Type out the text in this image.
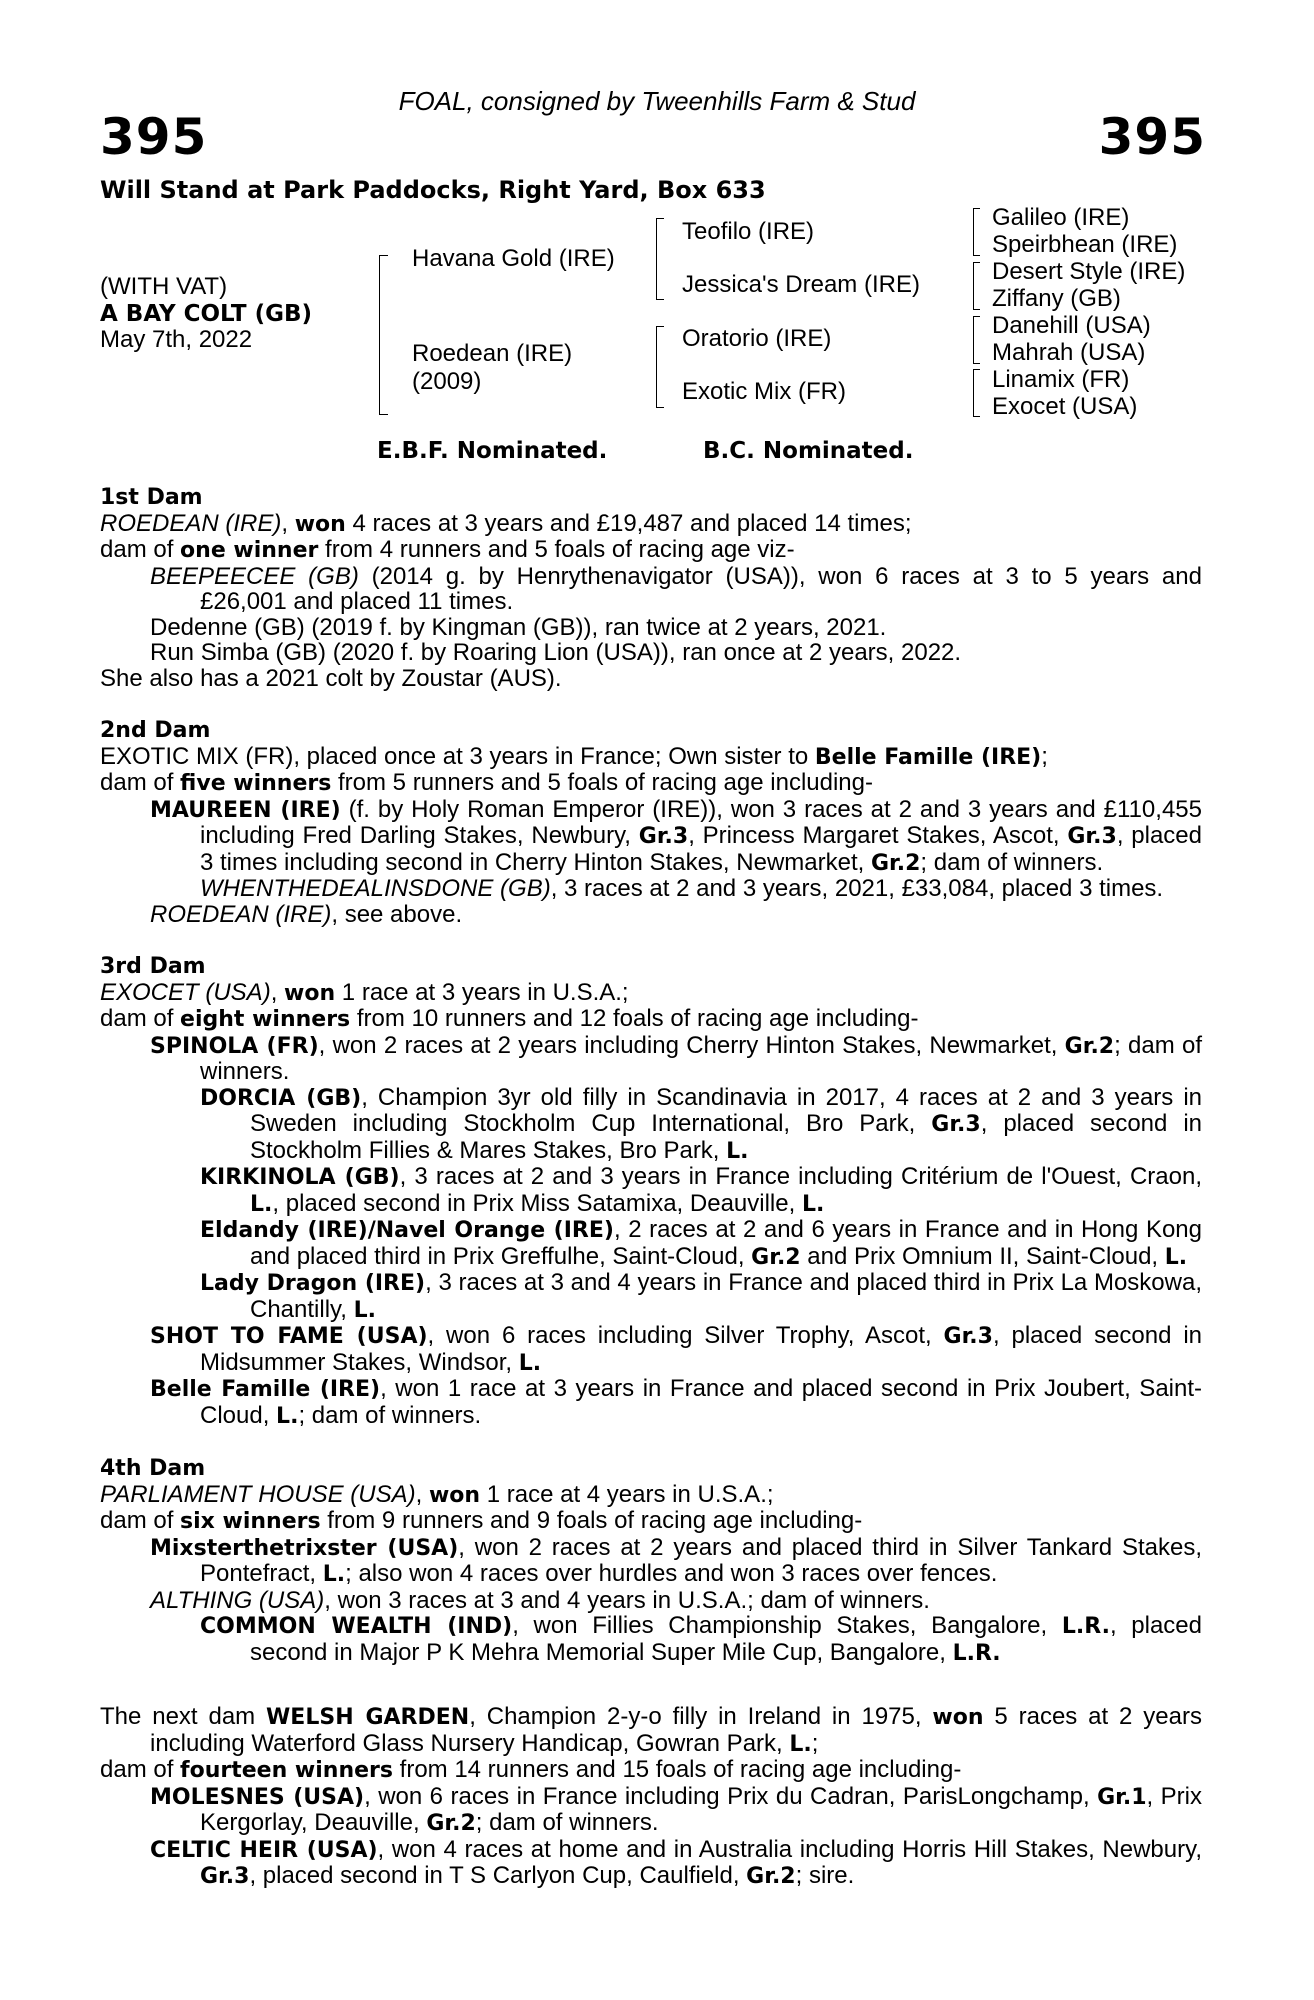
FOAL, consigned by Tweenhills Farm & Stud
395	395
Will Stand at Park Paddocks, Right Yard, Box 633
(WITH VAT)
A BAY COLT (GB)
May 7th, 2022
Havana Gold (IRE)
Roedean (IRE)
(2009)
Teofilo (IRE)
Jessica's Dream (IRE)
Oratorio (IRE)
Exotic Mix (FR)
Galileo (IRE)
Speirbhean (IRE)
Desert Style (IRE)
Ziffany (GB)
Danehill (USA)
Mahrah (USA)
Linamix (FR)
Exocet (USA)
E.B.F. Nominated.	B.C. Nominated.

1st Dam

ROEDEAN (IRE), won 4 races at 3 years and £19,487 and placed 14 times;

dam of one winner from 4 runners and 5 foals of racing age viz-

BEEPEECEE (GB) (2014 g. by Henrythenavigator (USA)), won 6 races at 3 to 5 years and £26,001 and placed 11 times.

Dedenne (GB) (2019 f. by Kingman (GB)), ran twice at 2 years, 2021.

Run Simba (GB) (2020 f. by Roaring Lion (USA)), ran once at 2 years, 2022.

She also has a 2021 colt by Zoustar (AUS).

2nd Dam

EXOTIC MIX (FR), placed once at 3 years in France; Own sister to Belle Famille (IRE);

dam of five winners from 5 runners and 5 foals of racing age including-

MAUREEN (IRE) (f. by Holy Roman Emperor (IRE)), won 3 races at 2 and 3 years and £110,455 including Fred Darling Stakes, Newbury, Gr.3, Princess Margaret Stakes, Ascot, Gr.3, placed 3 times including second in Cherry Hinton Stakes, Newmarket, Gr.2; dam of winners.

WHENTHEDEALINSDONE (GB), 3 races at 2 and 3 years, 2021, £33,084, placed 3 times.

ROEDEAN (IRE), see above.

3rd Dam

EXOCET (USA), won 1 race at 3 years in U.S.A.;

dam of eight winners from 10 runners and 12 foals of racing age including-

SPINOLA (FR), won 2 races at 2 years including Cherry Hinton Stakes, Newmarket, Gr.2; dam of winners.

DORCIA (GB), Champion 3yr old filly in Scandinavia in 2017, 4 races at 2 and 3 years in Sweden including Stockholm Cup International, Bro Park, Gr.3, placed second in Stockholm Fillies & Mares Stakes, Bro Park, L.

KIRKINOLA (GB), 3 races at 2 and 3 years in France including Critérium de l'Ouest, Craon, L., placed second in Prix Miss Satamixa, Deauville, L.

Eldandy (IRE)/Navel Orange (IRE), 2 races at 2 and 6 years in France and in Hong Kong and placed third in Prix Greffulhe, Saint-Cloud, Gr.2 and Prix Omnium II, Saint-Cloud, L.

Lady Dragon (IRE), 3 races at 3 and 4 years in France and placed third in Prix La Moskowa, Chantilly, L.

SHOT TO FAME (USA), won 6 races including Silver Trophy, Ascot, Gr.3, placed second in Midsummer Stakes, Windsor, L.

Belle Famille (IRE), won 1 race at 3 years in France and placed second in Prix Joubert, Saint-Cloud, L.; dam of winners.

4th Dam

PARLIAMENT HOUSE (USA), won 1 race at 4 years in U.S.A.;

dam of six winners from 9 runners and 9 foals of racing age including-

Mixsterthetrixster (USA), won 2 races at 2 years and placed third in Silver Tankard Stakes, Pontefract, L.; also won 4 races over hurdles and won 3 races over fences.

ALTHING (USA), won 3 races at 3 and 4 years in U.S.A.; dam of winners.

COMMON WEALTH (IND), won Fillies Championship Stakes, Bangalore, L.R., placed second in Major P K Mehra Memorial Super Mile Cup, Bangalore, L.R.

The next dam WELSH GARDEN, Champion 2-y-o filly in Ireland in 1975, won 5 races at 2 years including Waterford Glass Nursery Handicap, Gowran Park, L.;

dam of fourteen winners from 14 runners and 15 foals of racing age including-

MOLESNES (USA), won 6 races in France including Prix du Cadran, ParisLongchamp, Gr.1, Prix Kergorlay, Deauville, Gr.2; dam of winners.

CELTIC HEIR (USA), won 4 races at home and in Australia including Horris Hill Stakes, Newbury, Gr.3, placed second in T S Carlyon Cup, Caulfield, Gr.2; sire.
